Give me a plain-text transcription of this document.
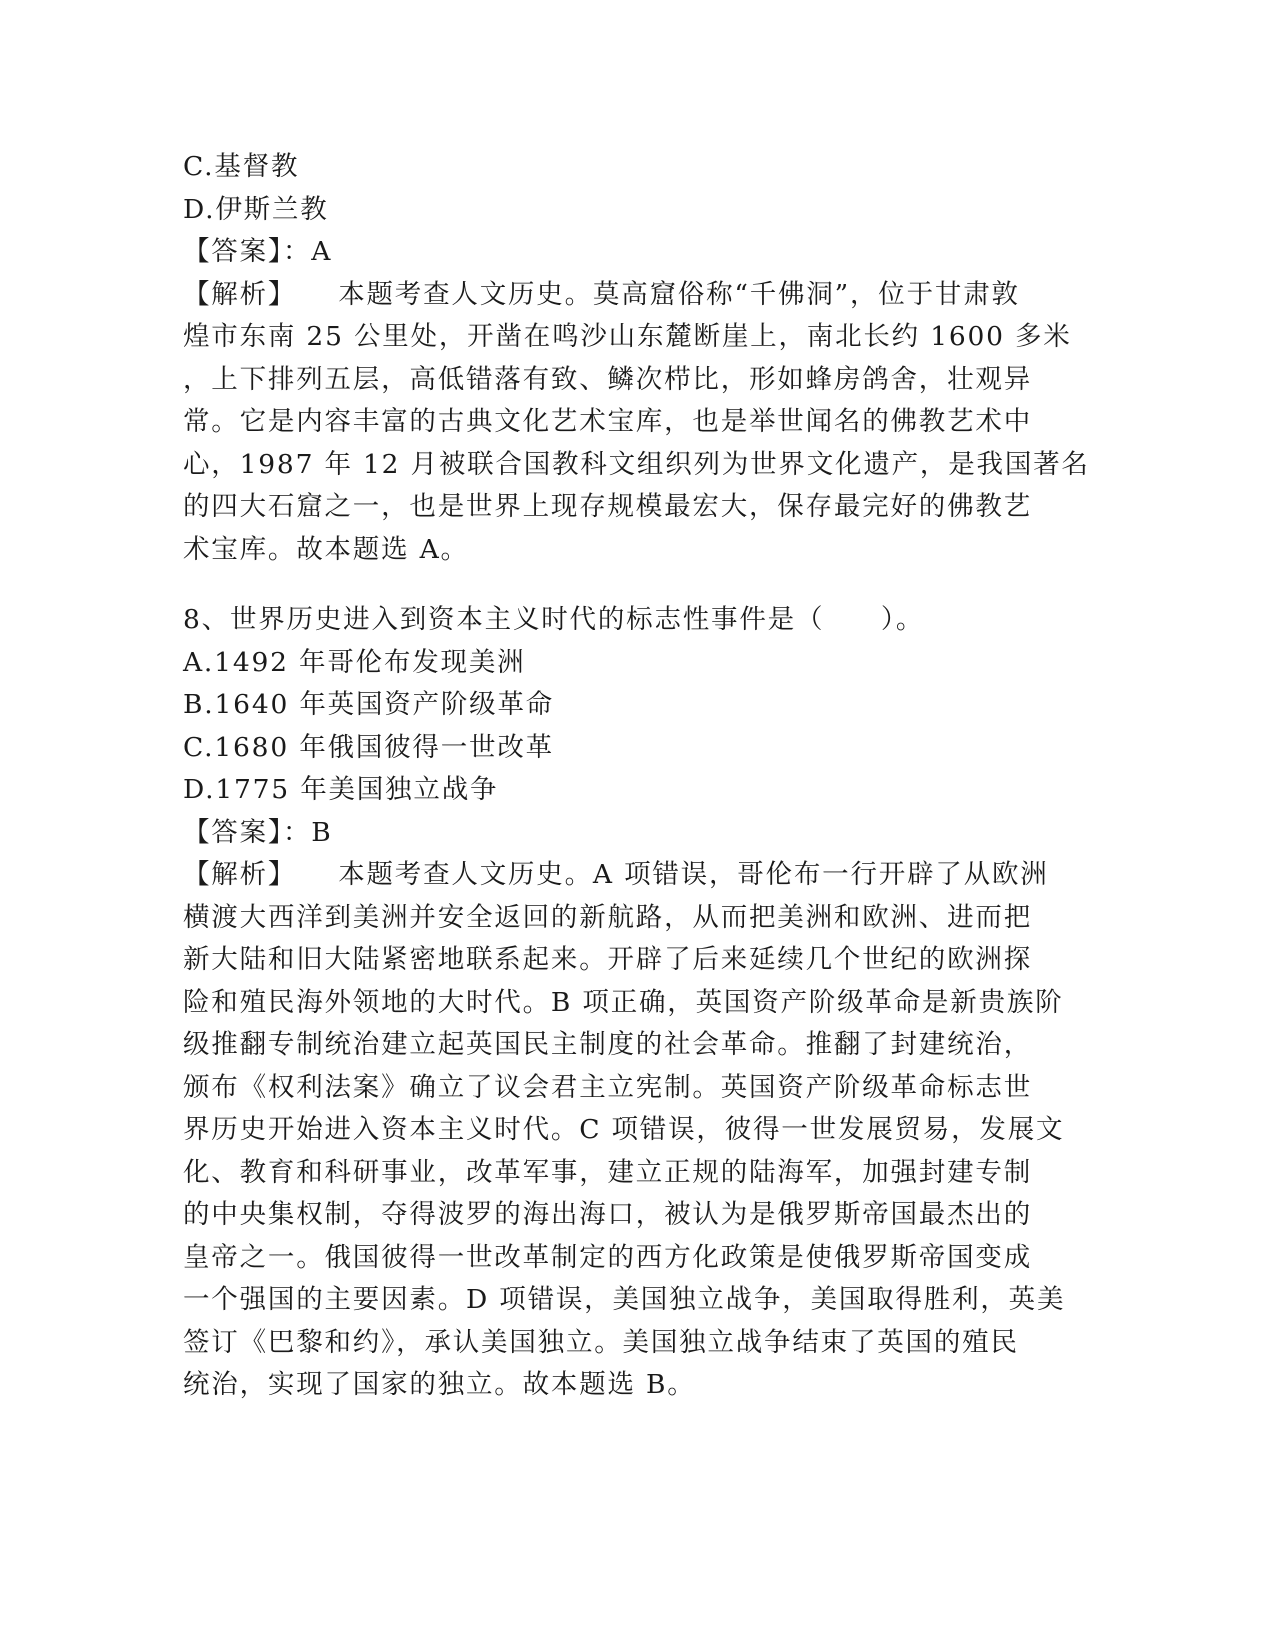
C.基督教
D.伊斯兰教
【答案】：A
【解析】 本题考查人文历史。莫高窟俗称“千佛洞”，位于甘肃敦
煌市东南 25 公里处，开凿在鸣沙山东麓断崖上，南北长约 1600 多米
，上下排列五层，高低错落有致、鳞次栉比，形如蜂房鸽舍，壮观异
常。它是内容丰富的古典文化艺术宝库，也是举世闻名的佛教艺术中
心，1987 年 12 月被联合国教科文组织列为世界文化遗产，是我国著名
的四大石窟之一，也是世界上现存规模最宏大，保存最完好的佛教艺
术宝库。故本题选 A。
8、世界历史进入到资本主义时代的标志性事件是（　　）。
A.1492 年哥伦布发现美洲
B.1640 年英国资产阶级革命
C.1680 年俄国彼得一世改革
D.1775 年美国独立战争
【答案】：B
【解析】 本题考查人文历史。A 项错误，哥伦布一行开辟了从欧洲
横渡大西洋到美洲并安全返回的新航路，从而把美洲和欧洲、进而把
新大陆和旧大陆紧密地联系起来。开辟了后来延续几个世纪的欧洲探
险和殖民海外领地的大时代。B 项正确，英国资产阶级革命是新贵族阶
级推翻专制统治建立起英国民主制度的社会革命。推翻了封建统治，
颁布《权利法案》确立了议会君主立宪制。英国资产阶级革命标志世
界历史开始进入资本主义时代。C 项错误，彼得一世发展贸易，发展文
化、教育和科研事业，改革军事，建立正规的陆海军，加强封建专制
的中央集权制，夺得波罗的海出海口，被认为是俄罗斯帝国最杰出的
皇帝之一。俄国彼得一世改革制定的西方化政策是使俄罗斯帝国变成
一个强国的主要因素。D 项错误，美国独立战争，美国取得胜利，英美
签订《巴黎和约》，承认美国独立。美国独立战争结束了英国的殖民
统治，实现了国家的独立。故本题选 B。
